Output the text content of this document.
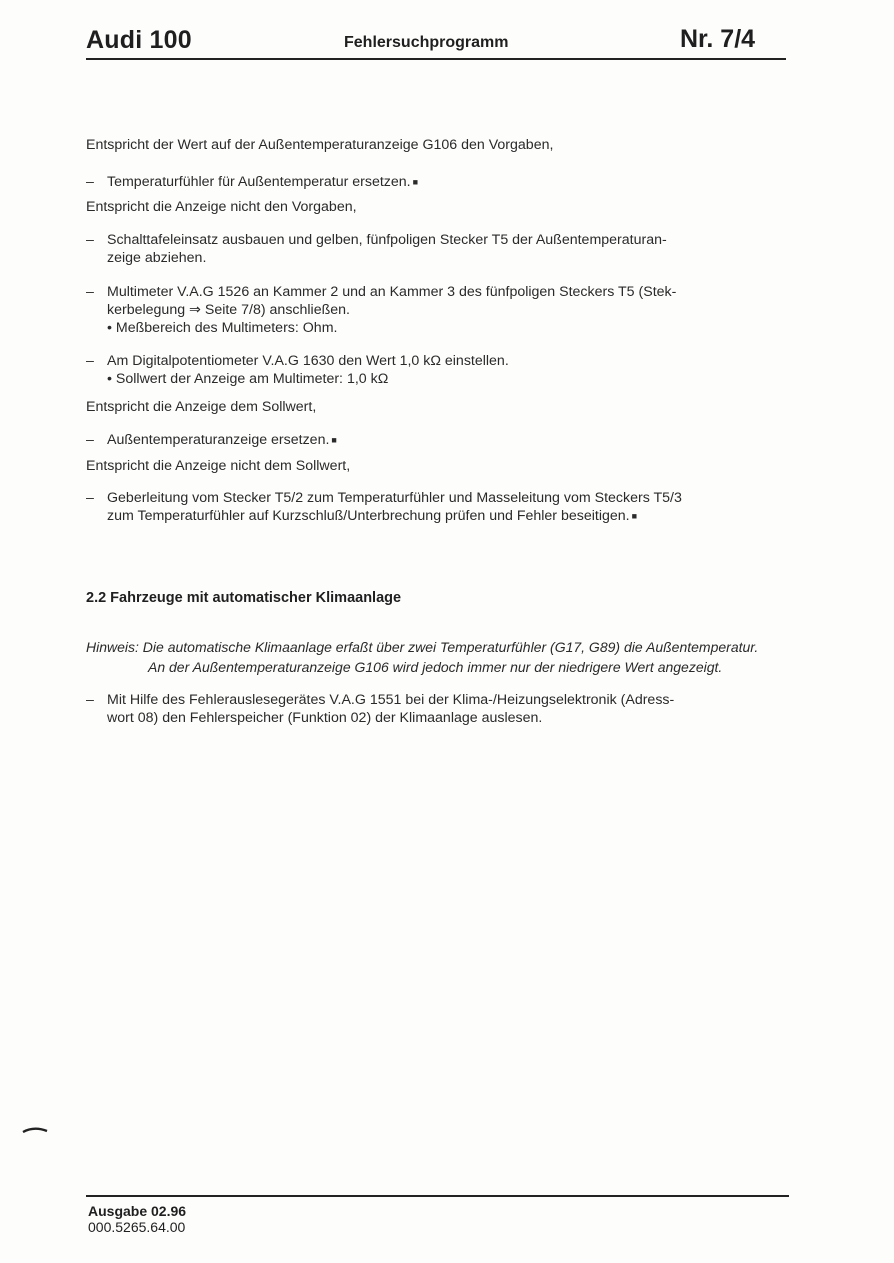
Audi 100	Fehlersuchprogramm	Nr. 7/4
Entspricht der Wert auf der Außentemperaturanzeige G106 den Vorgaben,
– Temperaturfühler für Außentemperatur ersetzen. ■
Entspricht die Anzeige nicht den Vorgaben,
– Schalttafeleinsatz ausbauen und gelben, fünfpoligen Stecker T5 der Außentemperaturan-
zeige abziehen.
– Multimeter V.A.G 1526 an Kammer 2 und an Kammer 3 des fünfpoligen Steckers T5 (Stek-
kerbelegung ⇒ Seite 7/8) anschließen.
• Meßbereich des Multimeters: Ohm.
– Am Digitalpotentiometer V.A.G 1630 den Wert 1,0 kΩ einstellen.
• Sollwert der Anzeige am Multimeter: 1,0 kΩ
Entspricht die Anzeige dem Sollwert,
– Außentemperaturanzeige ersetzen. ■
Entspricht die Anzeige nicht dem Sollwert,
– Geberleitung vom Stecker T5/2 zum Temperaturfühler und Masseleitung vom Steckers T5/3
zum Temperaturfühler auf Kurzschluß/Unterbrechung prüfen und Fehler beseitigen. ■
2.2 Fahrzeuge mit automatischer Klimaanlage
Hinweis: Die automatische Klimaanlage erfaßt über zwei Temperaturfühler (G17, G89) die Außentemperatur.
An der Außentemperaturanzeige G106 wird jedoch immer nur der niedrigere Wert angezeigt.
– Mit Hilfe des Fehlerauslesegerätes V.A.G 1551 bei der Klima-/Heizungselektronik (Adress-
wort 08) den Fehlerspeicher (Funktion 02) der Klimaanlage auslesen.
Ausgabe 02.96
000.5265.64.00
